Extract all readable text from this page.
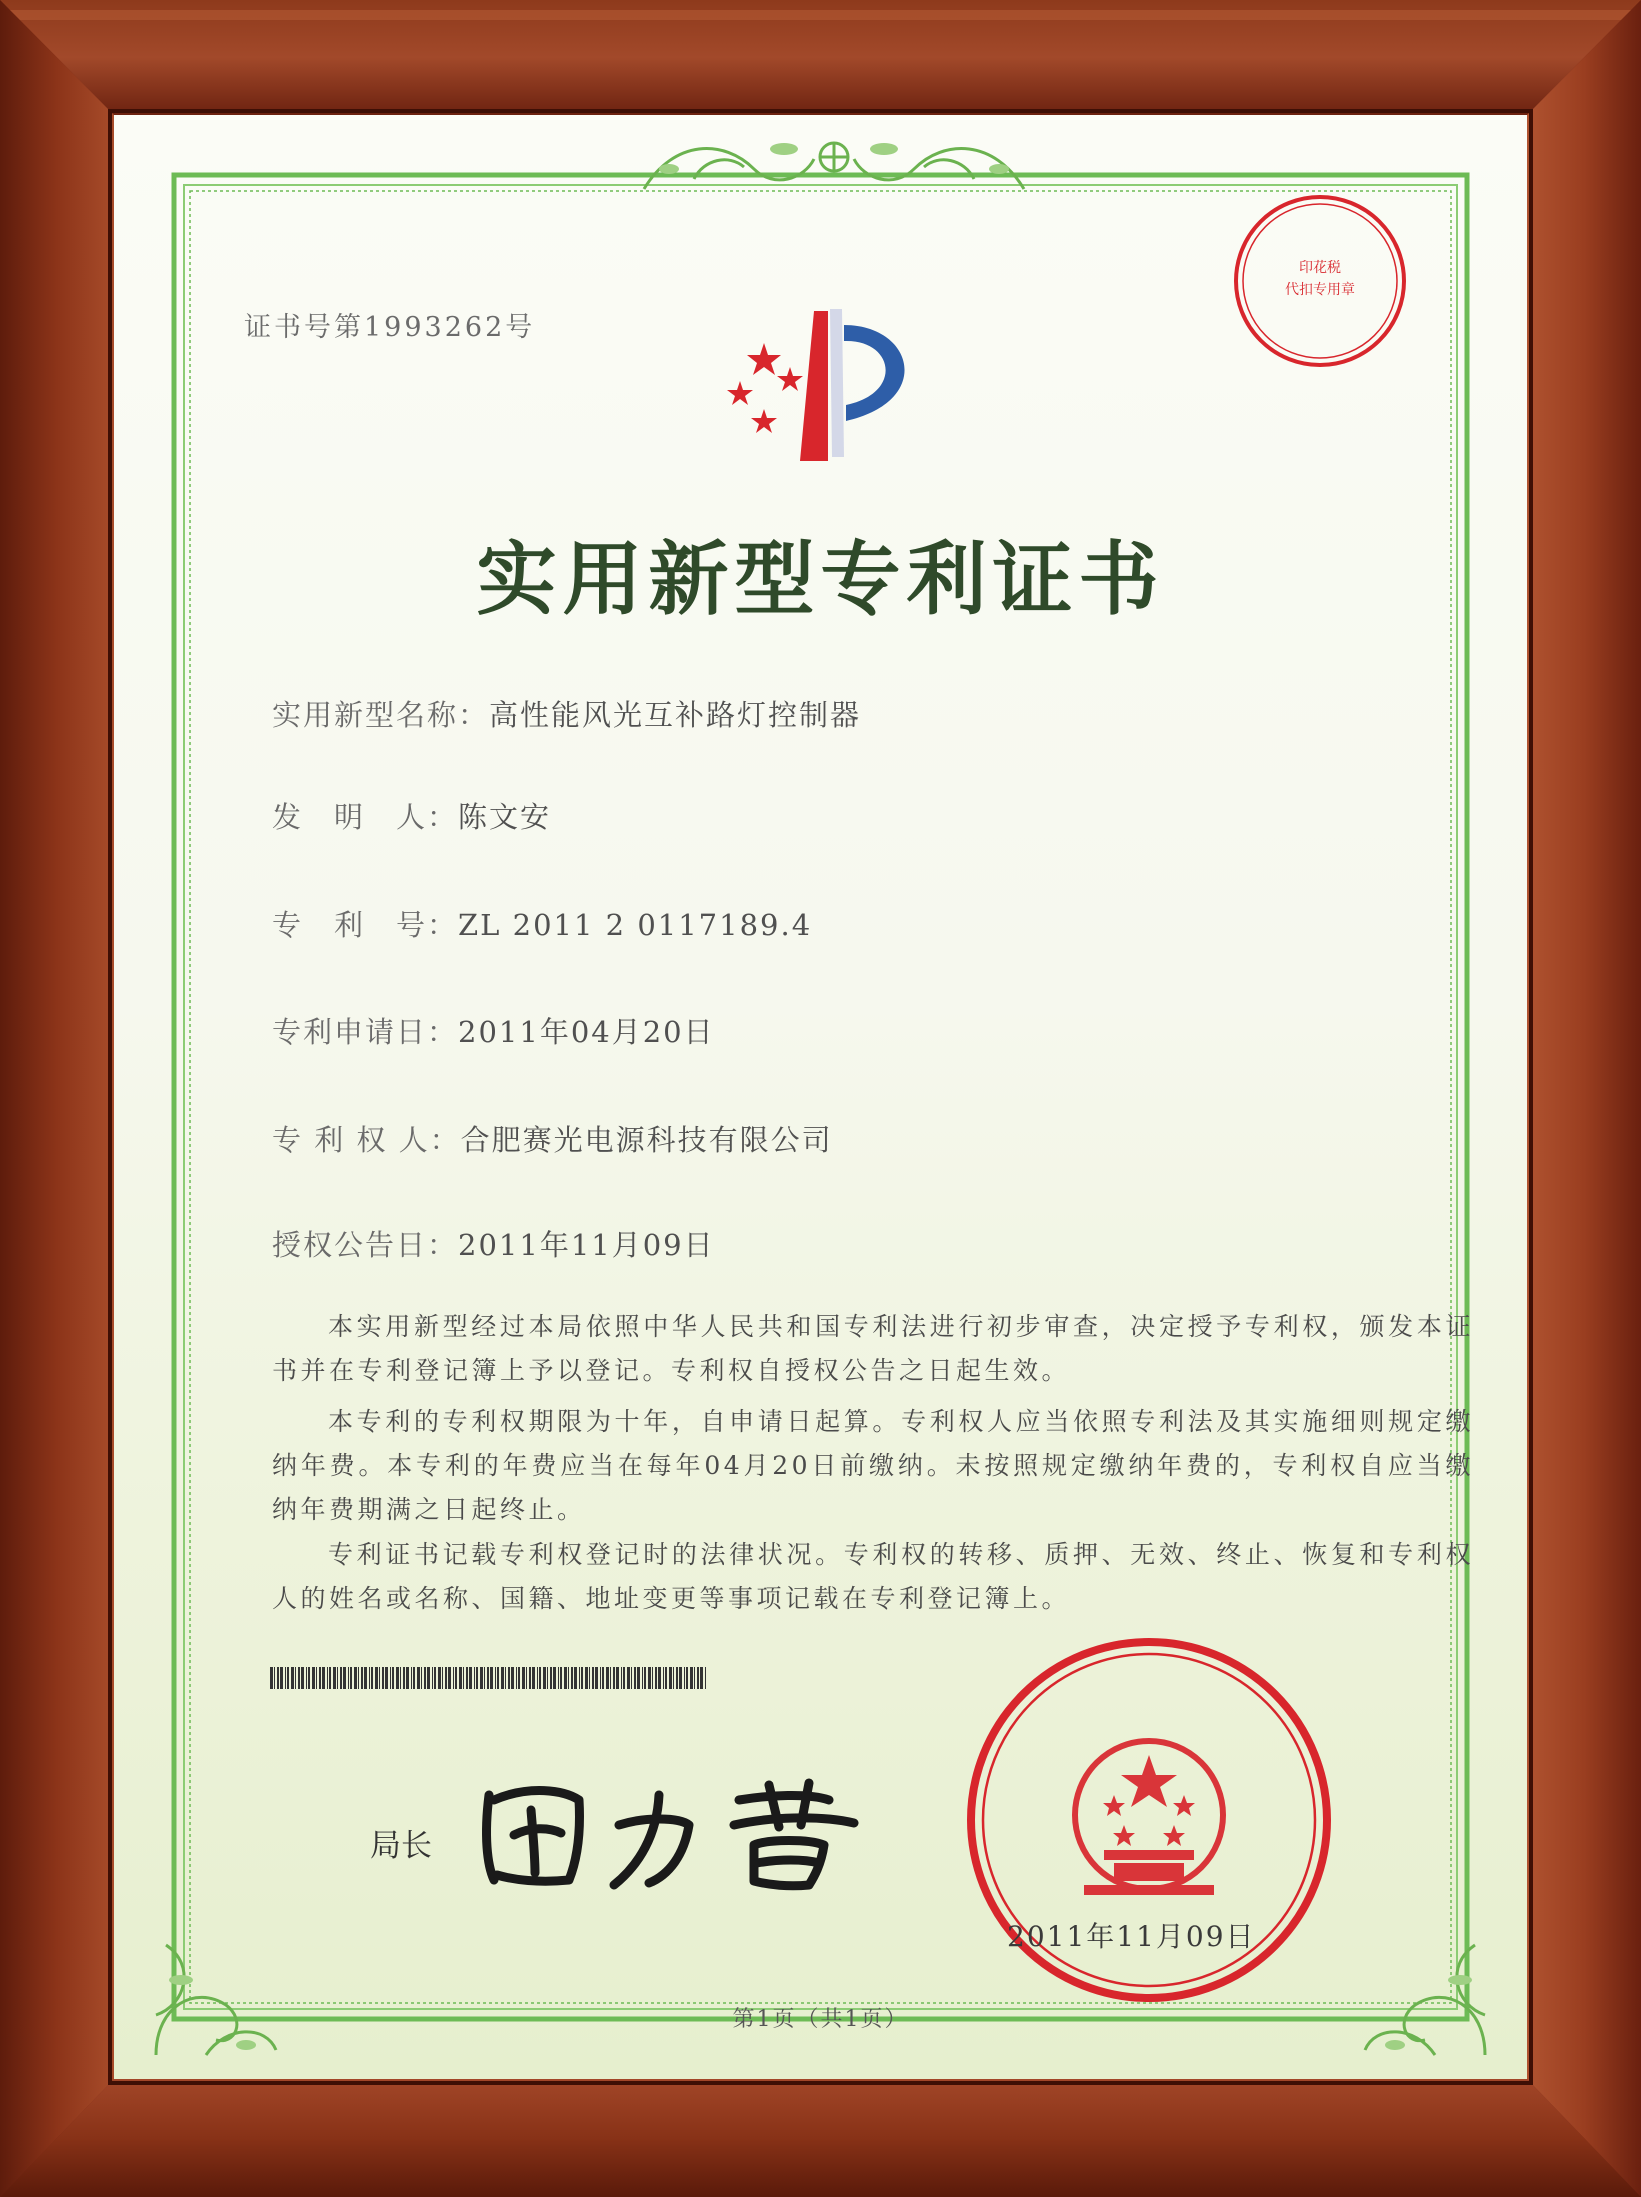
证书号第1993262号
印花税
代扣专用章
实用新型专利证书
实用新型名称：高性能风光互补路灯控制器
发　明　人：陈文安
专　利　号：ZL 2011 2 0117189.4
专利申请日：2011年04月20日
专 利 权 人：合肥赛光电源科技有限公司
授权公告日：2011年11月09日
本实用新型经过本局依照中华人民共和国专利法进行初步审查，决定授予专利权，颁发本证书并在专利登记簿上予以登记。专利权自授权公告之日起生效。
本专利的专利权期限为十年，自申请日起算。专利权人应当依照专利法及其实施细则规定缴纳年费。本专利的年费应当在每年04月20日前缴纳。未按照规定缴纳年费的，专利权自应当缴纳年费期满之日起终止。
专利证书记载专利权登记时的法律状况。专利权的转移、质押、无效、终止、恢复和专利权人的姓名或名称、国籍、地址变更等事项记载在专利登记簿上。
局长
2011年11月09日
第1页（共1页）
